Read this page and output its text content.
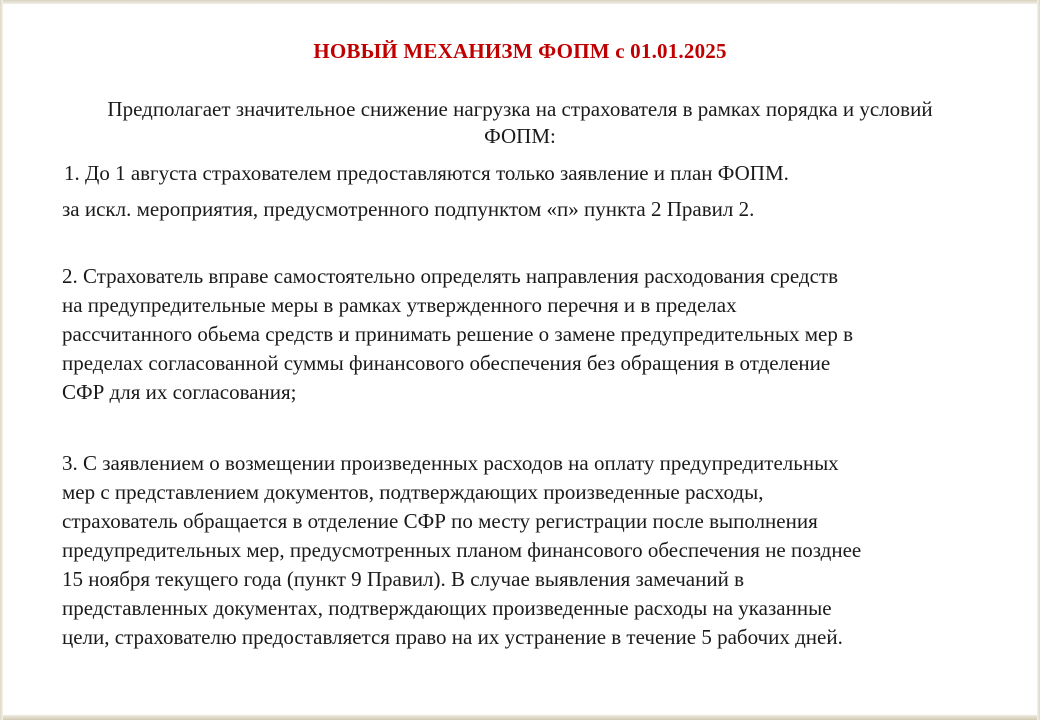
НОВЫЙ МЕХАНИЗМ ФОПМ с 01.01.2025
Предполагает значительное снижение нагрузка на страхователя в рамках порядка и условий ФОПМ:
1. До 1 августа страхователем предоставляются только заявление и план ФОПМ.
за искл. мероприятия, предусмотренного подпунктом «п» пункта 2 Правил 2.
2. Страхователь вправе самостоятельно определять направления расходования средств
на предупредительные меры в рамках утвержденного перечня и в пределах
рассчитанного обьема средств и принимать решение о замене предупредительных мер в
пределах согласованной суммы финансового обеспечения без обращения в отделение
СФР для их согласования;
3. С заявлением о возмещении произведенных расходов на оплату предупредительных
мер с представлением документов, подтверждающих произведенные расходы,
страхователь обращается в отделение СФР по месту регистрации после выполнения
предупредительных мер, предусмотренных планом финансового обеспечения не позднее
15 ноября текущего года (пункт 9 Правил). В случае выявления замечаний в
представленных документах, подтверждающих произведенные расходы на указанные
цели, страхователю предоставляется право на их устранение в течение 5 рабочих дней.
